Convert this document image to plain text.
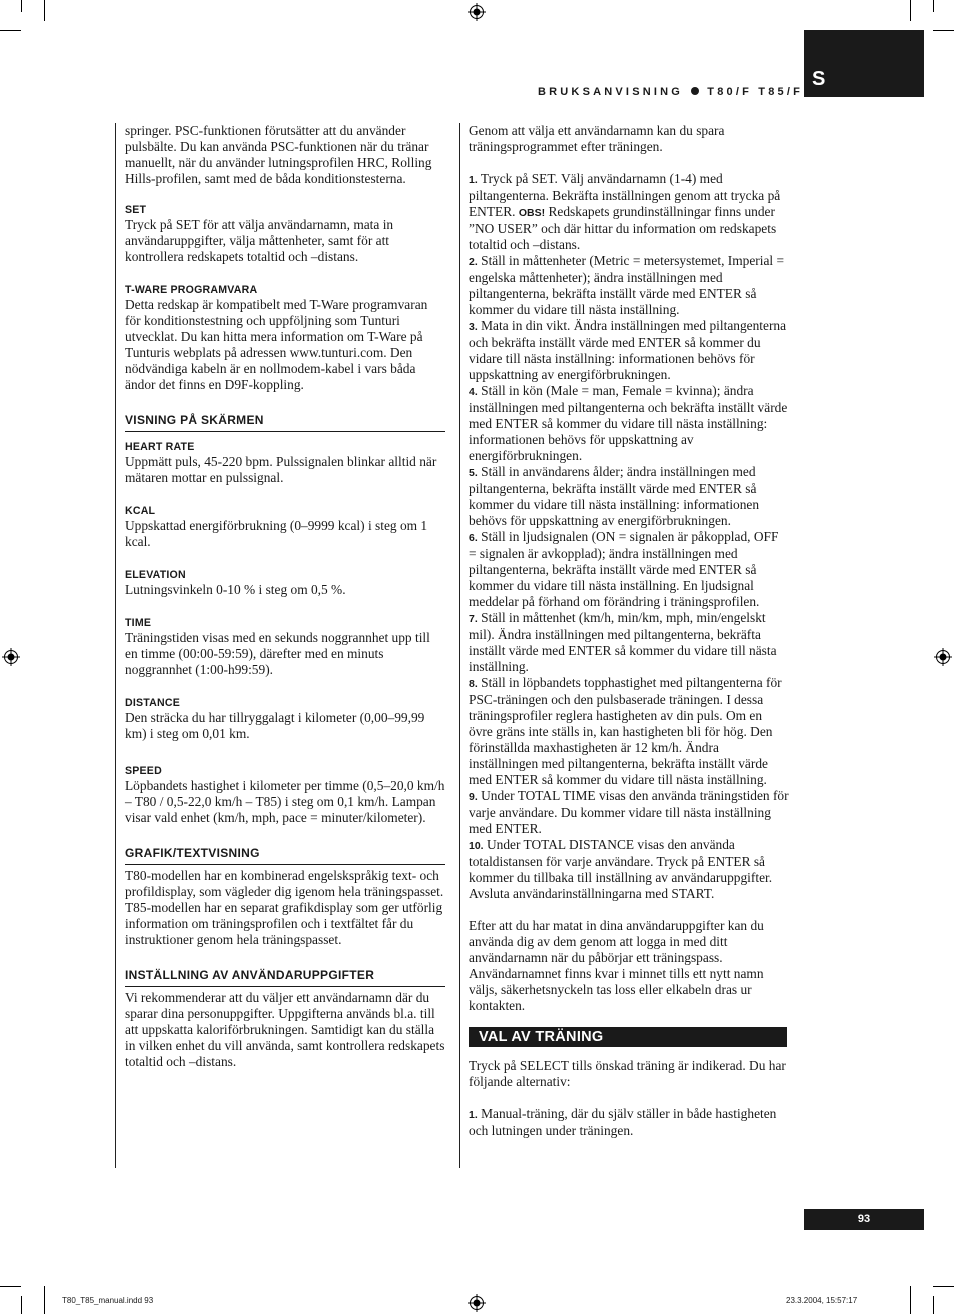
S
BRUKSANVISNING T80/F T85/F

springer. PSC-funktionen förutsätter att du använder pulsbälte. Du kan använda PSC-funktionen när du tränar manuellt, när du använder lutningsprofilen HRC, Rolling Hills-profilen, samt med de båda konditionstesterna.

SET

Tryck på SET för att välja användarnamn, mata in användaruppgifter, välja måttenheter, samt för att kontrollera redskapets totaltid och –distans.

T-WARE PROGRAMVARA

Detta redskap är kompatibelt med T-Ware programvaran för konditionstestning och uppföljning som Tunturi utvecklat. Du kan hitta mera information om T-Ware på Tunturis webplats på adressen www.tunturi.com. Den nödvändiga kabeln är en nollmodem-kabel i vars båda ändor det finns en D9F-koppling.

VISNING PÅ SKÄRMEN
HEART RATE

Uppmätt puls, 45-220 bpm. Pulssignalen blinkar alltid när mätaren mottar en pulssignal.

KCAL

Uppskattad energiförbrukning (0–9999 kcal) i steg om 1 kcal.

ELEVATION

Lutningsvinkeln 0-10 % i steg om 0,5 %.

TIME

Träningstiden visas med en sekunds noggrannhet upp till en timme (00:00-59:59), därefter med en minuts noggrannhet (1:00-h99:59).

DISTANCE

Den sträcka du har tillryggalagt i kilometer (0,00–99,99 km) i steg om 0,01 km.

SPEED

Löpbandets hastighet i kilometer per timme (0,5–20,0 km/h – T80 / 0,5-22,0 km/h – T85) i steg om 0,1 km/h. Lampan visar vald enhet (km/h, mph, pace = minuter/kilometer).

GRAFIK/TEXTVISNING

T80-modellen har en kombinerad engelskspråkig text- och profildisplay, som vägleder dig igenom hela träningspasset. T85-modellen har en separat grafikdisplay som ger utförlig information om träningsprofilen och i textfältet får du instruktioner genom hela träningspasset.

INSTÄLLNING AV ANVÄNDARUPPGIFTER

Vi rekommenderar att du väljer ett användarnamn där du sparar dina personuppgifter. Uppgifterna används bl.a. till att uppskatta kaloriförbrukningen. Samtidigt kan du ställa in vilken enhet du vill använda, samt kontrollera redskapets totaltid och –distans.

Genom att välja ett användarnamn kan du spara träningsprogrammet efter träningen.

1. Tryck på SET. Välj användarnamn (1-4) med piltangenterna. Bekräfta inställningen genom att trycka på ENTER. OBS! Redskapets grundinställningar finns under ”NO USER” och där hittar du information om redskapets totaltid och –distans.

2. Ställ in måttenheter (Metric = metersystemet, Imperial = engelska måttenheter); ändra inställningen med piltangenterna, bekräfta inställt värde med ENTER så kommer du vidare till nästa inställning.

3. Mata in din vikt. Ändra inställningen med piltangenterna och bekräfta inställt värde med ENTER så kommer du vidare till nästa inställning: informationen behövs för uppskattning av energiförbrukningen.

4. Ställ in kön (Male = man, Female = kvinna); ändra inställningen med piltangenterna och bekräfta inställt värde med ENTER så kommer du vidare till nästa inställning: informationen behövs för uppskattning av energiförbrukningen.

5. Ställ in användarens ålder; ändra inställningen med piltangenterna, bekräfta inställt värde med ENTER så kommer du vidare till nästa inställning: informationen behövs för uppskattning av energiförbrukningen.

6. Ställ in ljudsignalen (ON = signalen är påkopplad, OFF = signalen är avkopplad); ändra inställningen med piltangenterna, bekräfta inställt värde med ENTER så kommer du vidare till nästa inställning. En ljudsignal meddelar på förhand om förändring i träningsprofilen.

7. Ställ in måttenhet (km/h, min/km, mph, min/engelskt mil). Ändra inställningen med piltangenterna, bekräfta inställt värde med ENTER så kommer du vidare till nästa inställning.

8. Ställ in löpbandets topphastighet med piltangenterna för PSC-träningen och den pulsbaserade träningen. I dessa träningsprofiler reglera hastigheten av din puls. Om en övre gräns inte ställs in, kan hastigheten bli för hög. Den förinställda maxhastigheten är 12 km/h. Ändra inställningen med piltangenterna, bekräfta inställt värde med ENTER så kommer du vidare till nästa inställning.

9. Under TOTAL TIME visas den använda träningstiden för varje användare. Du kommer vidare till nästa inställning med ENTER.

10. Under TOTAL DISTANCE visas den använda totaldistansen för varje användare. Tryck på ENTER så kommer du tillbaka till inställning av användaruppgifter. Avsluta användarinställningarna med START.

Efter att du har matat in dina användaruppgifter kan du använda dig av dem genom att logga in med ditt användarnamn när du påbörjar ett träningspass. Användarnamnet finns kvar i minnet tills ett nytt namn väljs, säkerhetsnyckeln tas loss eller elkabeln dras ur kontakten.

VAL AV TRÄNING

Tryck på SELECT tills önskad träning är indikerad. Du har följande alternativ:

1. Manual-träning, där du själv ställer in både hastigheten och lutningen under träningen.

93
T80_T85_manual.indd 93	23.3.2004, 15:57:17
